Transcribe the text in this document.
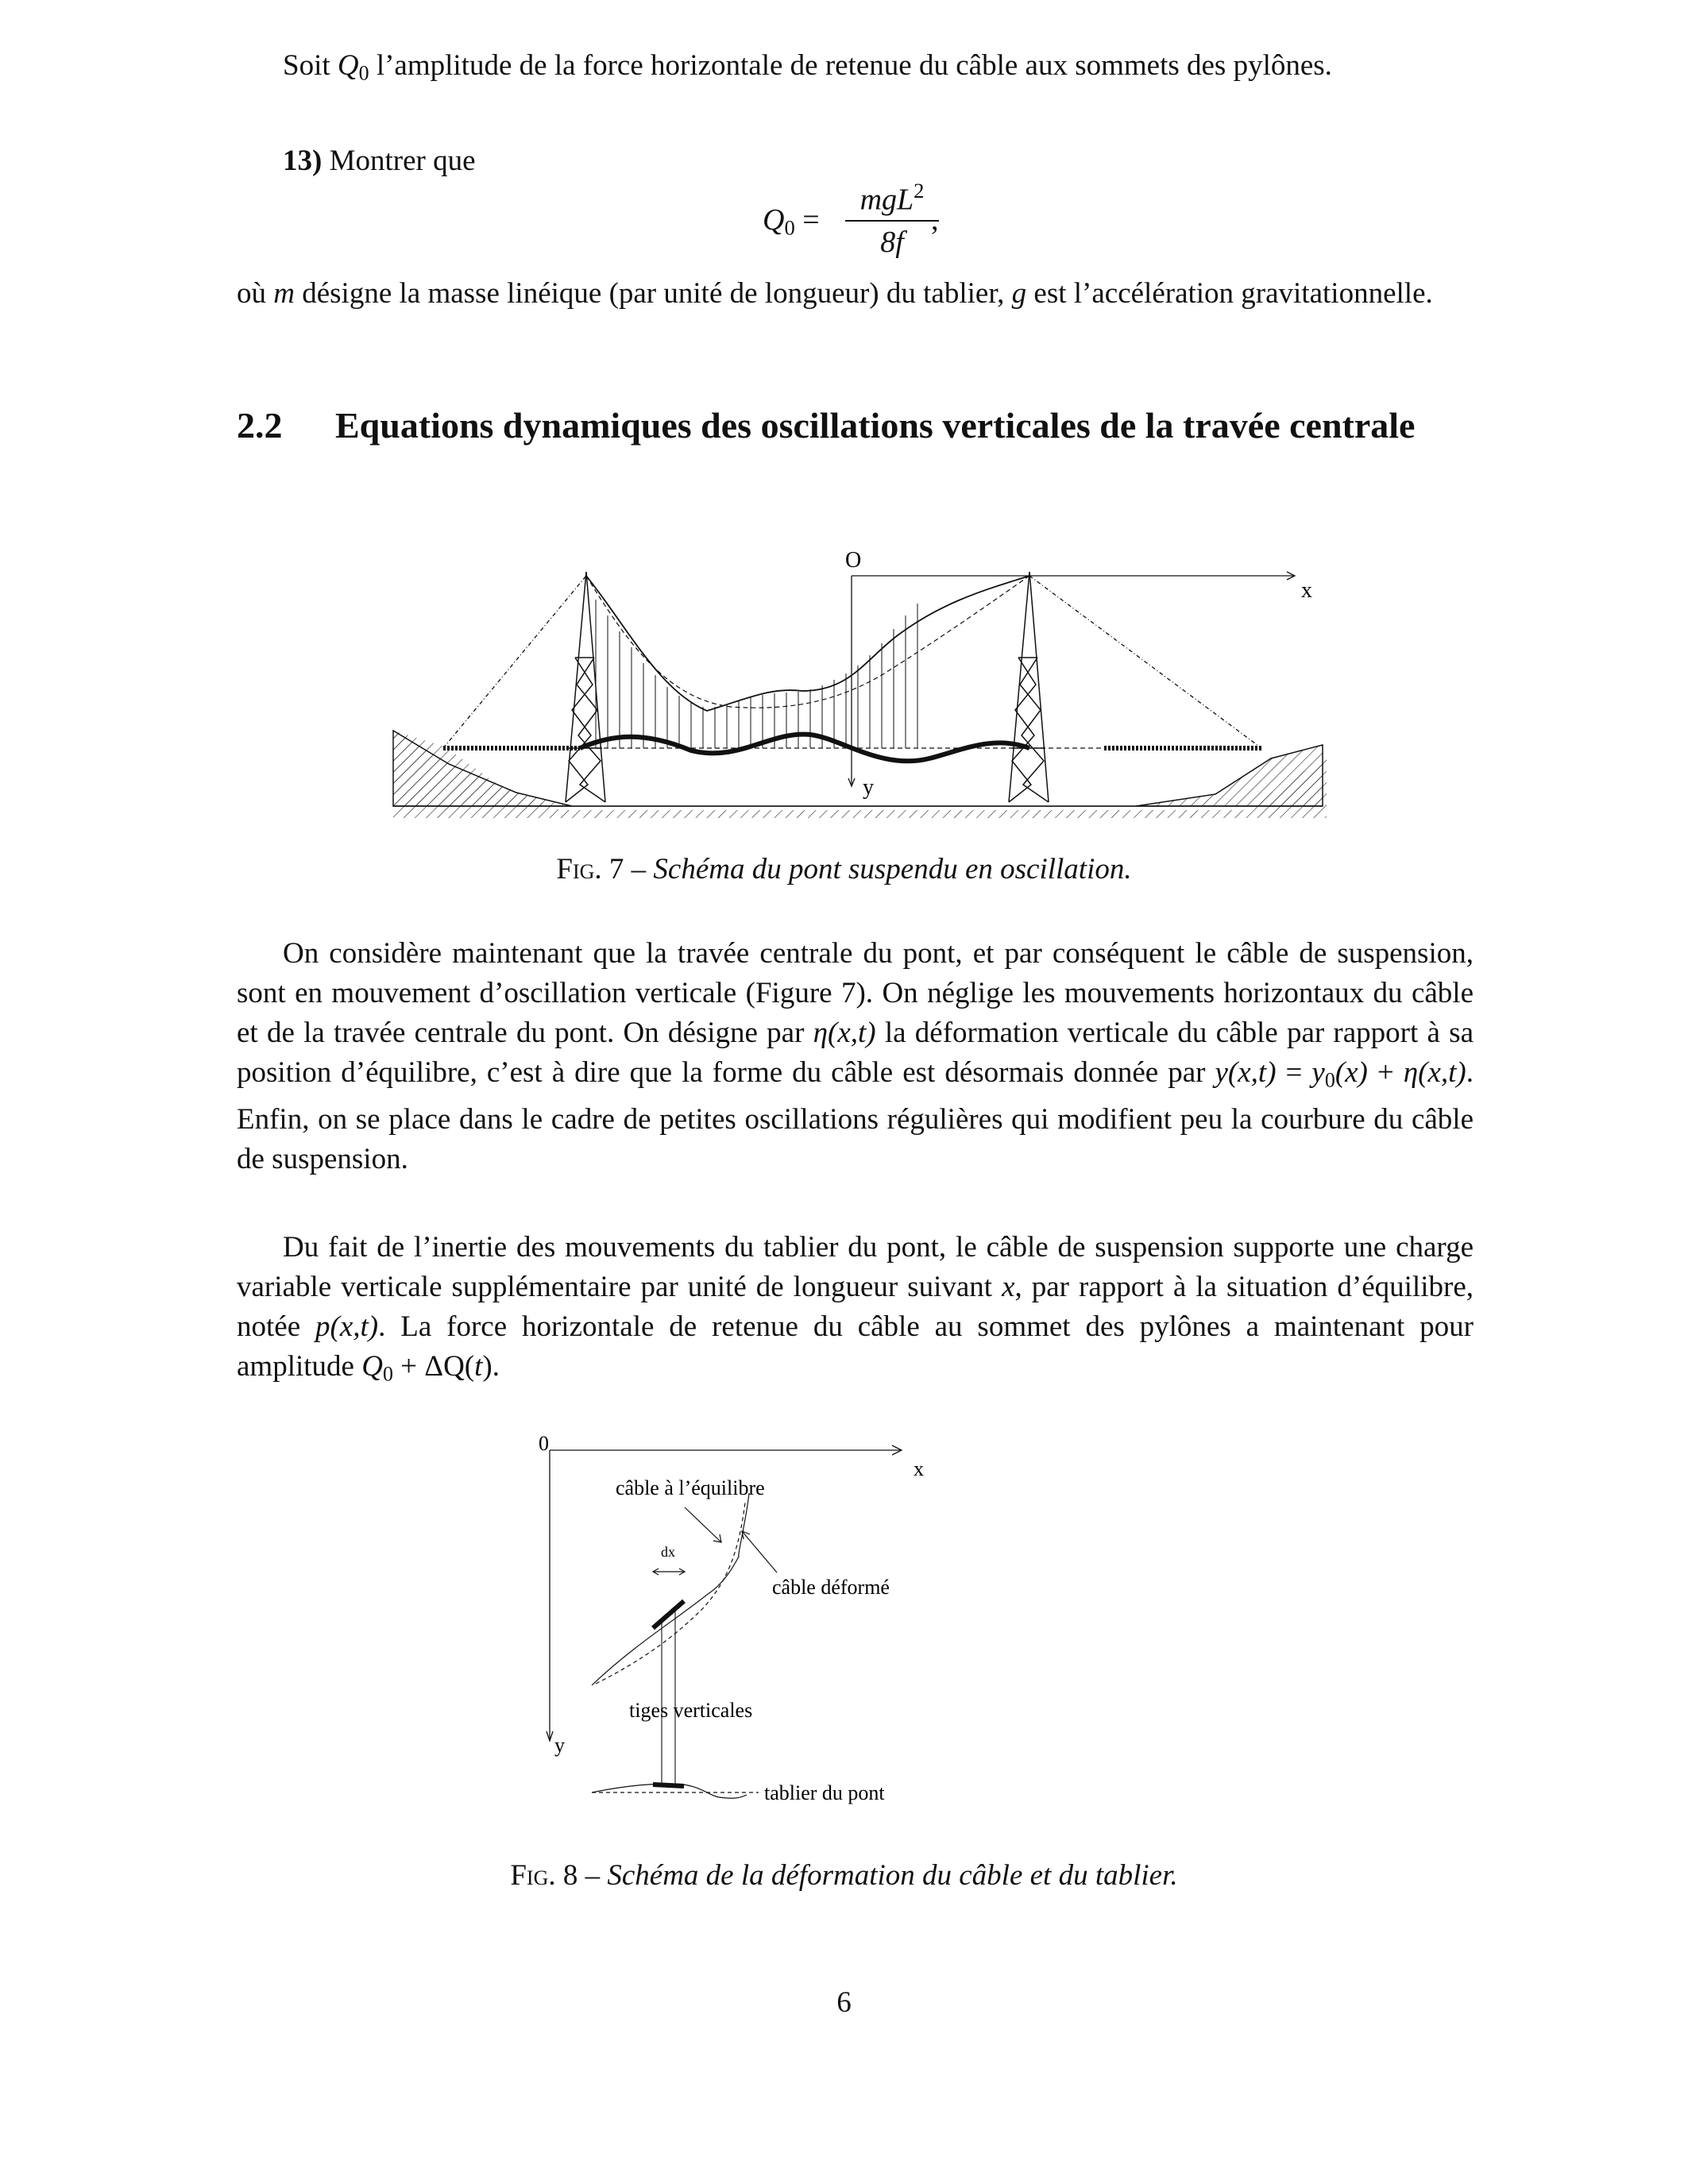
Soit $Q_0$ l’amplitude de la force horizontale de retenue du câble aux sommets des pylônes.
13) Montrer que
$Q_0$ =
mgL$^2$
8f
,
où m désigne la masse linéique (par unité de longueur) du tablier, g est l’accélération gravitationnelle.
2.2 Equations dynamiques des oscillations verticales de la travée centrale
O
x
y
Fig. 7 – Schéma du pont suspendu en oscillation.
On considère maintenant que la travée centrale du pont, et par conséquent le câble de suspension, sont en mouvement d’oscillation verticale (Figure 7). On néglige les mouvements horizontaux du câble et de la travée centrale du pont. On désigne par η(x,t) la déformation verticale du câble par rapport à sa position d’équilibre, c’est à dire que la forme du câble est désormais donnée par $y(x,t) = y_0(x) + \eta(x,t)$. Enfin, on se place dans le cadre de petites oscillations régulières qui modifient peu la courbure du câble de suspension.
Du fait de l’inertie des mouvements du tablier du pont, le câble de suspension supporte une charge variable verticale supplémentaire par unité de longueur suivant x, par rapport à la situation d’équilibre, notée p(x,t). La force horizontale de retenue du câble au sommet des pylônes a maintenant pour amplitude $Q_0 + \Delta Q(t)$.
0
x
y
câble à l’équilibre
câble déformé
dx
tiges verticales
tablier du pont
Fig. 8 – Schéma de la déformation du câble et du tablier.
6
